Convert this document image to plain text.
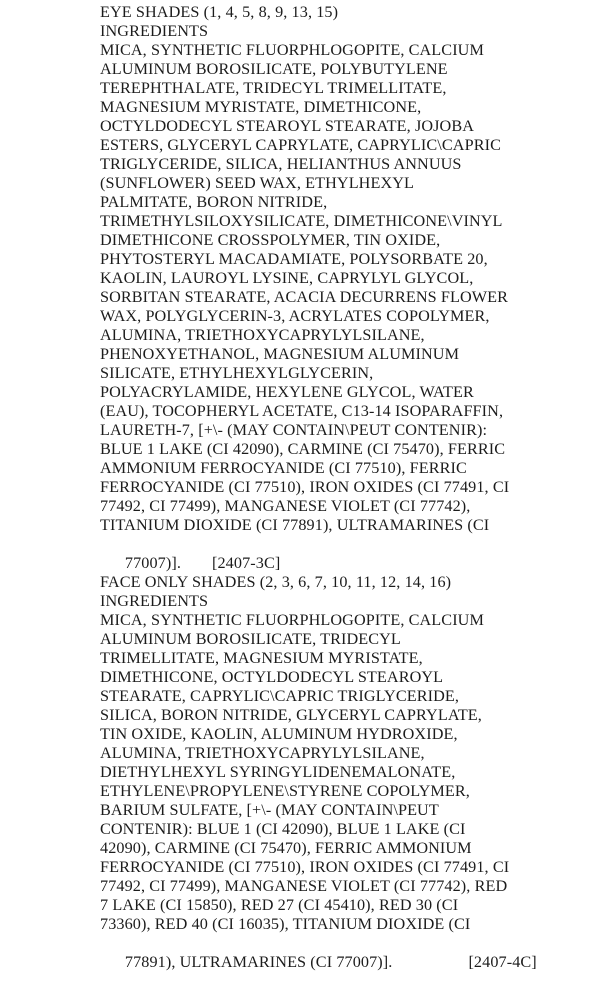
EYE SHADES (1, 4, 5, 8, 9, 13, 15)
INGREDIENTS
MICA, SYNTHETIC FLUORPHLOGOPITE, CALCIUM
ALUMINUM BOROSILICATE, POLYBUTYLENE
TEREPHTHALATE, TRIDECYL TRIMELLITATE,
MAGNESIUM MYRISTATE, DIMETHICONE,
OCTYLDODECYL STEAROYL STEARATE, JOJOBA
ESTERS, GLYCERYL CAPRYLATE, CAPRYLIC\CAPRIC
TRIGLYCERIDE, SILICA, HELIANTHUS ANNUUS
(SUNFLOWER) SEED WAX, ETHYLHEXYL
PALMITATE, BORON NITRIDE,
TRIMETHYLSILOXYSILICATE, DIMETHICONE\VINYL
DIMETHICONE CROSSPOLYMER, TIN OXIDE,
PHYTOSTERYL MACADAMIATE, POLYSORBATE 20,
KAOLIN, LAUROYL LYSINE, CAPRYLYL GLYCOL,
SORBITAN STEARATE, ACACIA DECURRENS FLOWER
WAX, POLYGLYCERIN-3, ACRYLATES COPOLYMER,
ALUMINA, TRIETHOXYCAPRYLYLSILANE,
PHENOXYETHANOL, MAGNESIUM ALUMINUM
SILICATE, ETHYLHEXYLGLYCERIN,
POLYACRYLAMIDE, HEXYLENE GLYCOL, WATER
(EAU), TOCOPHERYL ACETATE, C13-14 ISOPARAFFIN,
LAURETH-7, [+\- (MAY CONTAIN\PEUT CONTENIR):
BLUE 1 LAKE (CI 42090), CARMINE (CI 75470), FERRIC
AMMONIUM FERROCYANIDE (CI 77510), FERRIC
FERROCYANIDE (CI 77510), IRON OXIDES (CI 77491, CI
77492, CI 77499), MANGANESE VIOLET (CI 77742),
TITANIUM DIOXIDE (CI 77891), ULTRAMARINES (CI

77007)]. [2407-3C]

FACE ONLY SHADES (2, 3, 6, 7, 10, 11, 12, 14, 16)
INGREDIENTS
MICA, SYNTHETIC FLUORPHLOGOPITE, CALCIUM
ALUMINUM BOROSILICATE, TRIDECYL
TRIMELLITATE, MAGNESIUM MYRISTATE,
DIMETHICONE, OCTYLDODECYL STEAROYL
STEARATE, CAPRYLIC\CAPRIC TRIGLYCERIDE,
SILICA, BORON NITRIDE, GLYCERYL CAPRYLATE,
TIN OXIDE, KAOLIN, ALUMINUM HYDROXIDE,
ALUMINA, TRIETHOXYCAPRYLYLSILANE,
DIETHYLHEXYL SYRINGYLIDENEMALONATE,
ETHYLENE\PROPYLENE\STYRENE COPOLYMER,
BARIUM SULFATE, [+\- (MAY CONTAIN\PEUT
CONTENIR): BLUE 1 (CI 42090), BLUE 1 LAKE (CI
42090), CARMINE (CI 75470), FERRIC AMMONIUM
FERROCYANIDE (CI 77510), IRON OXIDES (CI 77491, CI
77492, CI 77499), MANGANESE VIOLET (CI 77742), RED
7 LAKE (CI 15850), RED 27 (CI 45410), RED 30 (CI
73360), RED 40 (CI 16035), TITANIUM DIOXIDE (CI

77891), ULTRAMARINES (CI 77007)].	[2407-4C]
